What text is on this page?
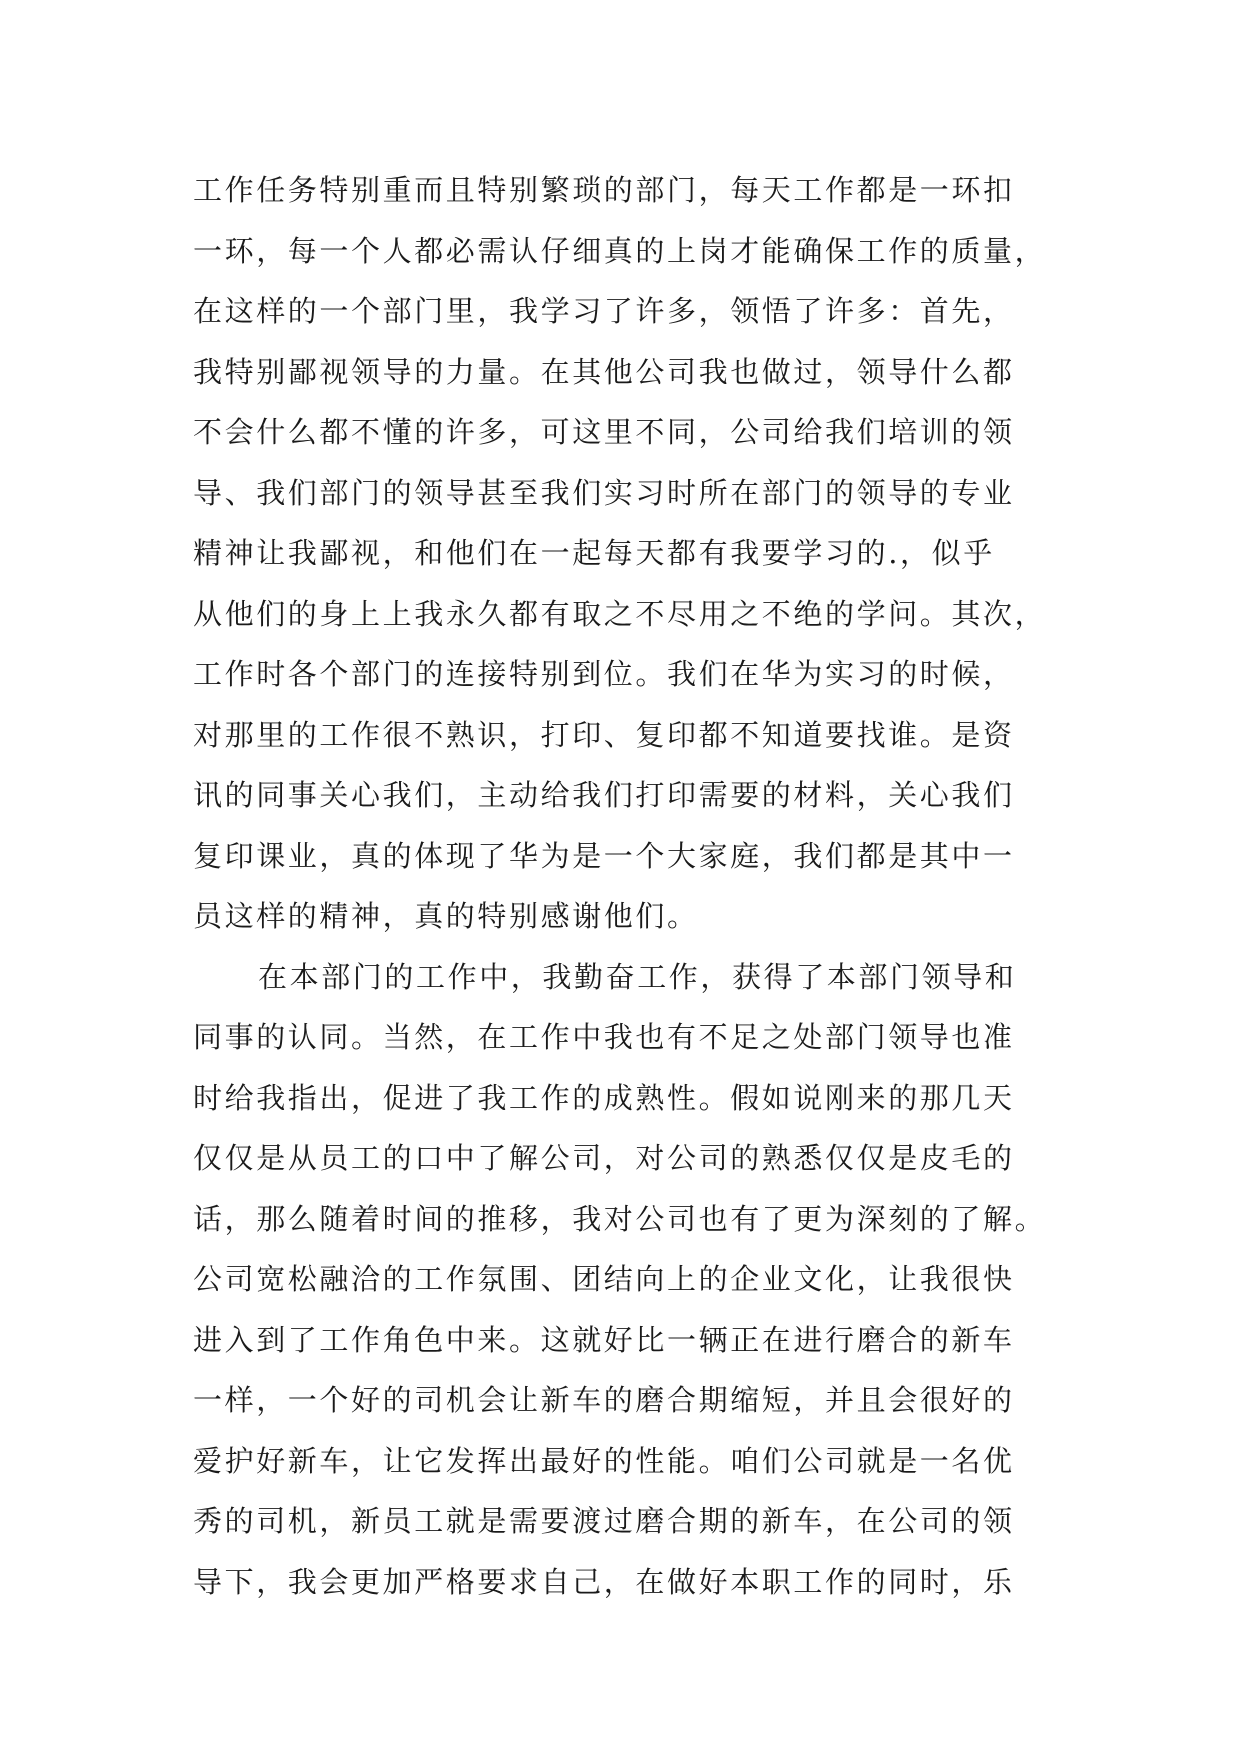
工作任务特别重而且特别繁琐的部门，每天工作都是一环扣
一环，每一个人都必需认仔细真的上岗才能确保工作的质量，
在这样的一个部门里，我学习了许多，领悟了许多：首先，
我特别鄙视领导的力量。在其他公司我也做过，领导什么都
不会什么都不懂的许多，可这里不同，公司给我们培训的领
导、我们部门的领导甚至我们实习时所在部门的领导的专业
精神让我鄙视，和他们在一起每天都有我要学习的.，似乎
从他们的身上上我永久都有取之不尽用之不绝的学问。其次，
工作时各个部门的连接特别到位。我们在华为实习的时候，
对那里的工作很不熟识，打印、复印都不知道要找谁。是资
讯的同事关心我们，主动给我们打印需要的材料，关心我们
复印课业，真的体现了华为是一个大家庭，我们都是其中一
员这样的精神，真的特别感谢他们。
在本部门的工作中，我勤奋工作，获得了本部门领导和
同事的认同。当然，在工作中我也有不足之处部门领导也准
时给我指出，促进了我工作的成熟性。假如说刚来的那几天
仅仅是从员工的口中了解公司，对公司的熟悉仅仅是皮毛的
话，那么随着时间的推移，我对公司也有了更为深刻的了解。
公司宽松融洽的工作氛围、团结向上的企业文化，让我很快
进入到了工作角色中来。这就好比一辆正在进行磨合的新车
一样，一个好的司机会让新车的磨合期缩短，并且会很好的
爱护好新车，让它发挥出最好的性能。咱们公司就是一名优
秀的司机，新员工就是需要渡过磨合期的新车，在公司的领
导下，我会更加严格要求自己，在做好本职工作的同时，乐
